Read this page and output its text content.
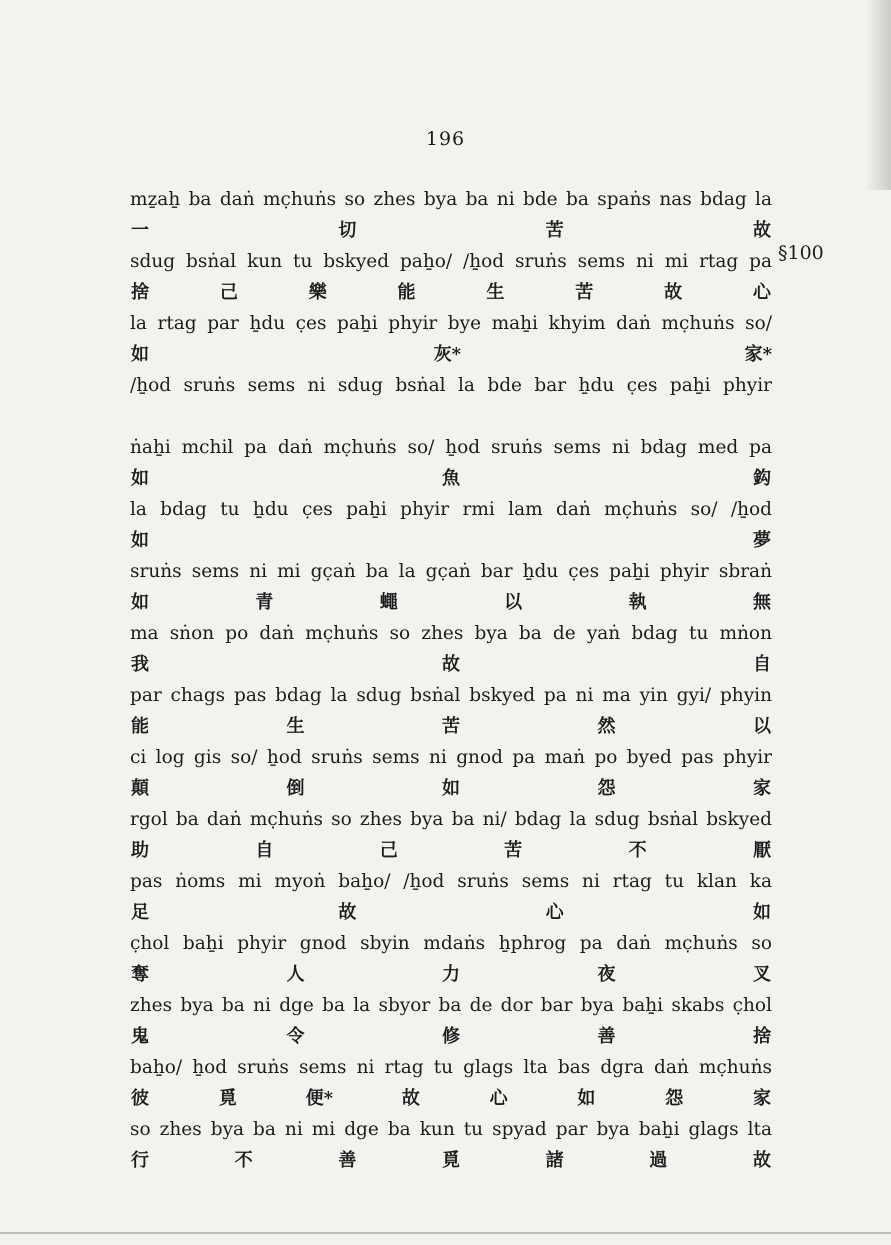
196
§100
mẕaẖ ba daṅ mc̣huṅs so zhes bya ba ni bde ba spaṅs nas bdag la
一	切	苦	故
sdug bsṅal kun tu bskyed paẖo/ /ẖod sruṅs sems ni mi rtag pa
捨	己	樂	能	生	苦	故	心
la rtag par ẖdu c̣es paẖi phyir bye maẖi khyim daṅ mc̣huṅs so/
如	灰*	家*
/ẖod sruṅs sems ni sdug bsṅal la bde bar ẖdu c̣es paẖi phyir
ṅaẖi mchil pa daṅ mc̣huṅs so/ ẖod sruṅs sems ni bdag med pa
如	魚	鈎
la bdag tu ẖdu c̣es paẖi phyir rmi lam daṅ mc̣huṅs so/ /ẖod
如	夢
sruṅs sems ni mi gc̣aṅ ba la gc̣aṅ bar ẖdu c̣es paẖi phyir sbraṅ
如	青	蠅	以	執	無
ma sṅon po daṅ mc̣huṅs so zhes bya ba de yaṅ bdag tu mṅon
我	故	自
par chags pas bdag la sdug bsṅal bskyed pa ni ma yin gyi/ phyin
能	生	苦	然	以
ci log gis so/ ẖod sruṅs sems ni gnod pa maṅ po byed pas phyir
顛	倒	如	怨	家
rgol ba daṅ mc̣huṅs so zhes bya ba ni/ bdag la sdug bsṅal bskyed
助	自	己	苦	不	厭
pas ṅoms mi myoṅ baẖo/ /ẖod sruṅs sems ni rtag tu klan ka
足	故	心	如
c̣hol baẖi phyir gnod sbyin mdaṅs ẖphrog pa daṅ mc̣huṅs so
奪	人	力	夜	叉
zhes bya ba ni dge ba la sbyor ba de dor bar bya baẖi skabs c̣hol
鬼	令	修	善	捨
baẖo/ ẖod sruṅs sems ni rtag tu glags lta bas dgra daṅ mc̣huṅs
彼	覓	便*	故	心	如	怨	家
so zhes bya ba ni mi dge ba kun tu spyad par bya baẖi glags lta
行	不	善	覓	諸	過	故
